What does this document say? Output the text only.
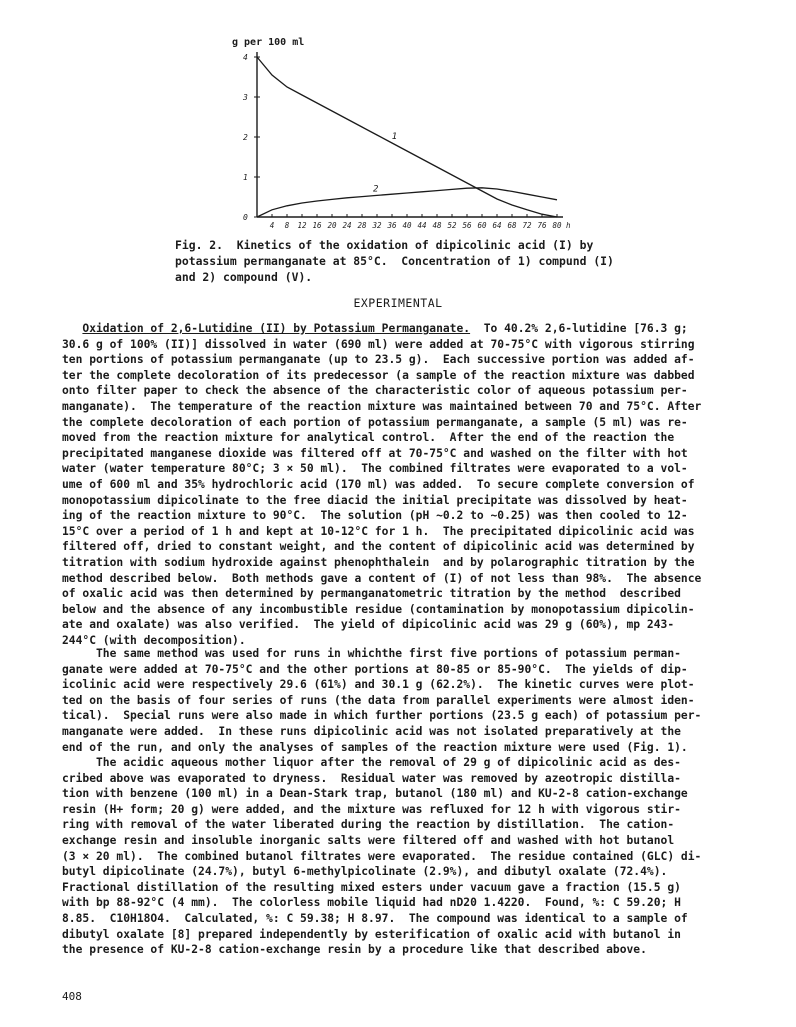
g per 100 ml
0
1
2
3
4
4 8 12 16 20 24 28 32 36 40 44 48 52 56 60 64 68 72 76 80
1
2
h

Fig. 2.  Kinetics of the oxidation of dipicolinic acid (I) by
potassium permanganate at 85°C.  Concentration of 1) compund (I)
and 2) compound (V).

EXPERIMENTAL

Oxidation of 2,6-Lutidine (II) by Potassium Permanganate.  To 40.2% 2,6-lutidine [76.3 g;
30.6 g of 100% (II)] dissolved in water (690 ml) were added at 70-75°C with vigorous stirring
ten portions of potassium permanganate (up to 23.5 g).  Each successive portion was added af-
ter the complete decoloration of its predecessor (a sample of the reaction mixture was dabbed
onto filter paper to check the absence of the characteristic color of aqueous potassium per-
manganate).  The temperature of the reaction mixture was maintained between 70 and 75°C. After
the complete decoloration of each portion of potassium permanganate, a sample (5 ml) was re-
moved from the reaction mixture for analytical control.  After the end of the reaction the
precipitated manganese dioxide was filtered off at 70-75°C and washed on the filter with hot
water (water temperature 80°C; 3 × 50 ml).  The combined filtrates were evaporated to a vol-
ume of 600 ml and 35% hydrochloric acid (170 ml) was added.  To secure complete conversion of
monopotassium dipicolinate to the free diacid the initial precipitate was dissolved by heat-
ing of the reaction mixture to 90°C.  The solution (pH ~0.2 to ~0.25) was then cooled to 12-
15°C over a period of 1 h and kept at 10-12°C for 1 h.  The precipitated dipicolinic acid was
filtered off, dried to constant weight, and the content of dipicolinic acid was determined by
titration with sodium hydroxide against phenophthalein  and by polarographic titration by the
method described below.  Both methods gave a content of (I) of not less than 98%.  The absence
of oxalic acid was then determined by permanganatometric titration by the method  described
below and the absence of any incombustible residue (contamination by monopotassium dipicolin-
ate and oxalate) was also verified.  The yield of dipicolinic acid was 29 g (60%), mp 243-
244°C (with decomposition).
The same method was used for runs in whichthe first five portions of potassium perman-
ganate were added at 70-75°C and the other portions at 80-85 or 85-90°C.  The yields of dip-
icolinic acid were respectively 29.6 (61%) and 30.1 g (62.2%).  The kinetic curves were plot-
ted on the basis of four series of runs (the data from parallel experiments were almost iden-
tical).  Special runs were also made in which further portions (23.5 g each) of potassium per-
manganate were added.  In these runs dipicolinic acid was not isolated preparatively at the
end of the run, and only the analyses of samples of the reaction mixture were used (Fig. 1).
The acidic aqueous mother liquor after the removal of 29 g of dipicolinic acid as des-
cribed above was evaporated to dryness.  Residual water was removed by azeotropic distilla-
tion with benzene (100 ml) in a Dean-Stark trap, butanol (180 ml) and KU-2-8 cation-exchange
resin (H+ form; 20 g) were added, and the mixture was refluxed for 12 h with vigorous stir-
ring with removal of the water liberated during the reaction by distillation.  The cation-
exchange resin and insoluble inorganic salts were filtered off and washed with hot butanol
(3 × 20 ml).  The combined butanol filtrates were evaporated.  The residue contained (GLC) di-
butyl dipicolinate (24.7%), butyl 6-methylpicolinate (2.9%), and dibutyl oxalate (72.4%).
Fractional distillation of the resulting mixed esters under vacuum gave a fraction (15.5 g)
with bp 88-92°C (4 mm).  The colorless mobile liquid had nD20 1.4220.  Found, %: C 59.20; H
8.85.  C10H18O4.  Calculated, %: C 59.38; H 8.97.  The compound was identical to a sample of
dibutyl oxalate [8] prepared independently by esterification of oxalic acid with butanol in
the presence of KU-2-8 cation-exchange resin by a procedure like that described above.

408
